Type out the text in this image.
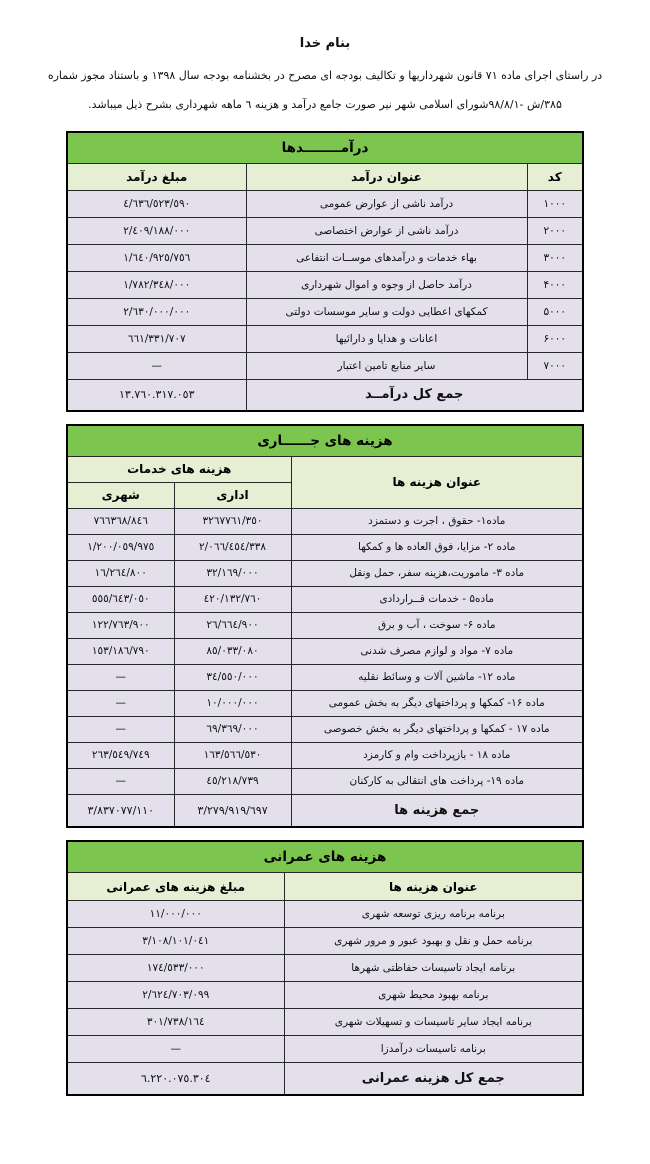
بنام خدا
در راستای اجرای ماده ۷۱ قانون شهرداریها و تکالیف بودجه ای مصرح در بخشنامه بودجه سال ۱۳۹۸ و باستناد مجوز شماره
۳۸۵/ش -۹۸/۸/۱شورای اسلامی شهر نیر صورت جامع درآمد و هزینه ٦ ماهه شهرداری بشرح ذیل میباشد.
درآمــــــــدها		
کد	عنوان درآمد	مبلغ درآمد
۱۰۰۰	درآمد ناشی از عوارض عمومی	٤/٦٣٦/٥٢٣/٥٩٠
۲۰۰۰	درآمد ناشی از عوارض اختصاصی	٢/٤٠٩/١٨٨/٠٠٠
۳۰۰۰	بهاء خدمات و درآمدهای موســات انتفاعی	١/٦٤٠/٩٢٥/٧٥٦
۴۰۰۰	درآمد حاصل از وجوه و اموال شهرداری	١/٧٨٢/٣٤٨/٠٠٠
۵۰۰۰	کمکهای اعطایی دولت و سایر موسسات دولتی	٢/٦٣٠/٠٠٠/٠٠٠
۶۰۰۰	اعانات و هدایا و دارائیها	٦٦١/٣٣١/٧٠٧
۷۰۰۰	سایر منابع تامین اعتبار	—
جمع کل درآمــد		١٣.٧٦٠.٣١٧.٠٥٣
هزینه های جــــــاری		
عنوان هزینه ها	هزینه های خدمات	
	اداری	شهری
ماده۱- حقوق ، اجرت و دستمزد	٣٢٦٧٧٦١/٣٥٠	٧٦٦٣٦٨/٨٤٦
ماده ۲- مزایا، فوق العاده ها و کمکها	٢/٠٦٦/٤٥٤/٣٣٨	١/٢٠٠/٠٥٩/٩٧٥
ماده ۳- ماموریت،هزینه سفر، حمل ونقل	٣٢/١٦٩/٠٠٠	١٦/٢٦٤/٨٠٠
ماده۵ - خدمات قــراردادی	٤٢٠/١٣٢/٧٦٠	٥٥٥/٦٤٣/٠٥٠
ماده ۶- سوخت ، آب و برق	٢٦/٦٦٤/٩٠٠	١٢٢/٧٦٣/٩٠٠
ماده ۷- مواد و لوازم مصرف شدنی	٨٥/٠٣٣/٠٨٠	١٥٣/١٨٦/٧٩٠
ماده ۱۲- ماشین آلات و وسائط نقلیه	٣٤/٥٥٠/٠٠٠	—
ماده ۱۶- کمکها و پرداختهای دیگر به بخش عمومی	١٠/٠٠٠/٠٠٠	—
ماده ۱۷ - کمکها و پرداختهای دیگر به بخش خصوصی	٦٩/٣٦٩/٠٠٠	—
ماده ۱۸ - بازپرداخت وام و کارمزد	١٦٣/٥٦٦/٥٣٠	٢٦٣/٥٤٩/٧٤٩
ماده ۱۹- پرداخت های انتقالی به کارکنان	٤٥/٢١٨/٧٣٩	—
جمع هزینه ها	٣/٢٧٩/٩١٩/٦٩٧	٣/٨٣٧٠٧٧/١١٠
هزینه های عمرانی	
عنوان هزینه ها	مبلغ هزینه های عمرانی
برنامه برنامه ریزی توسعه شهری	١١/٠٠٠/٠٠٠
برنامه حمل و نقل و بهبود عبور و مرور شهری	٣/١٠٨/١٠١/٠٤١
برنامه ایجاد تاسیسات حفاظتی شهرها	١٧٤/٥٣٣/٠٠٠
برنامه بهبود محیط شهری	٢/٦٢٤/٧٠٣/٠٩٩
برنامه ایجاد سایر تاسیسات و تسهیلات شهری	٣٠١/٧٣٨/١٦٤
برنامه تاسیسات درآمدزا	—
جمع کل هزینه عمرانی	٦.٢٢٠.٠٧٥.٣٠٤
